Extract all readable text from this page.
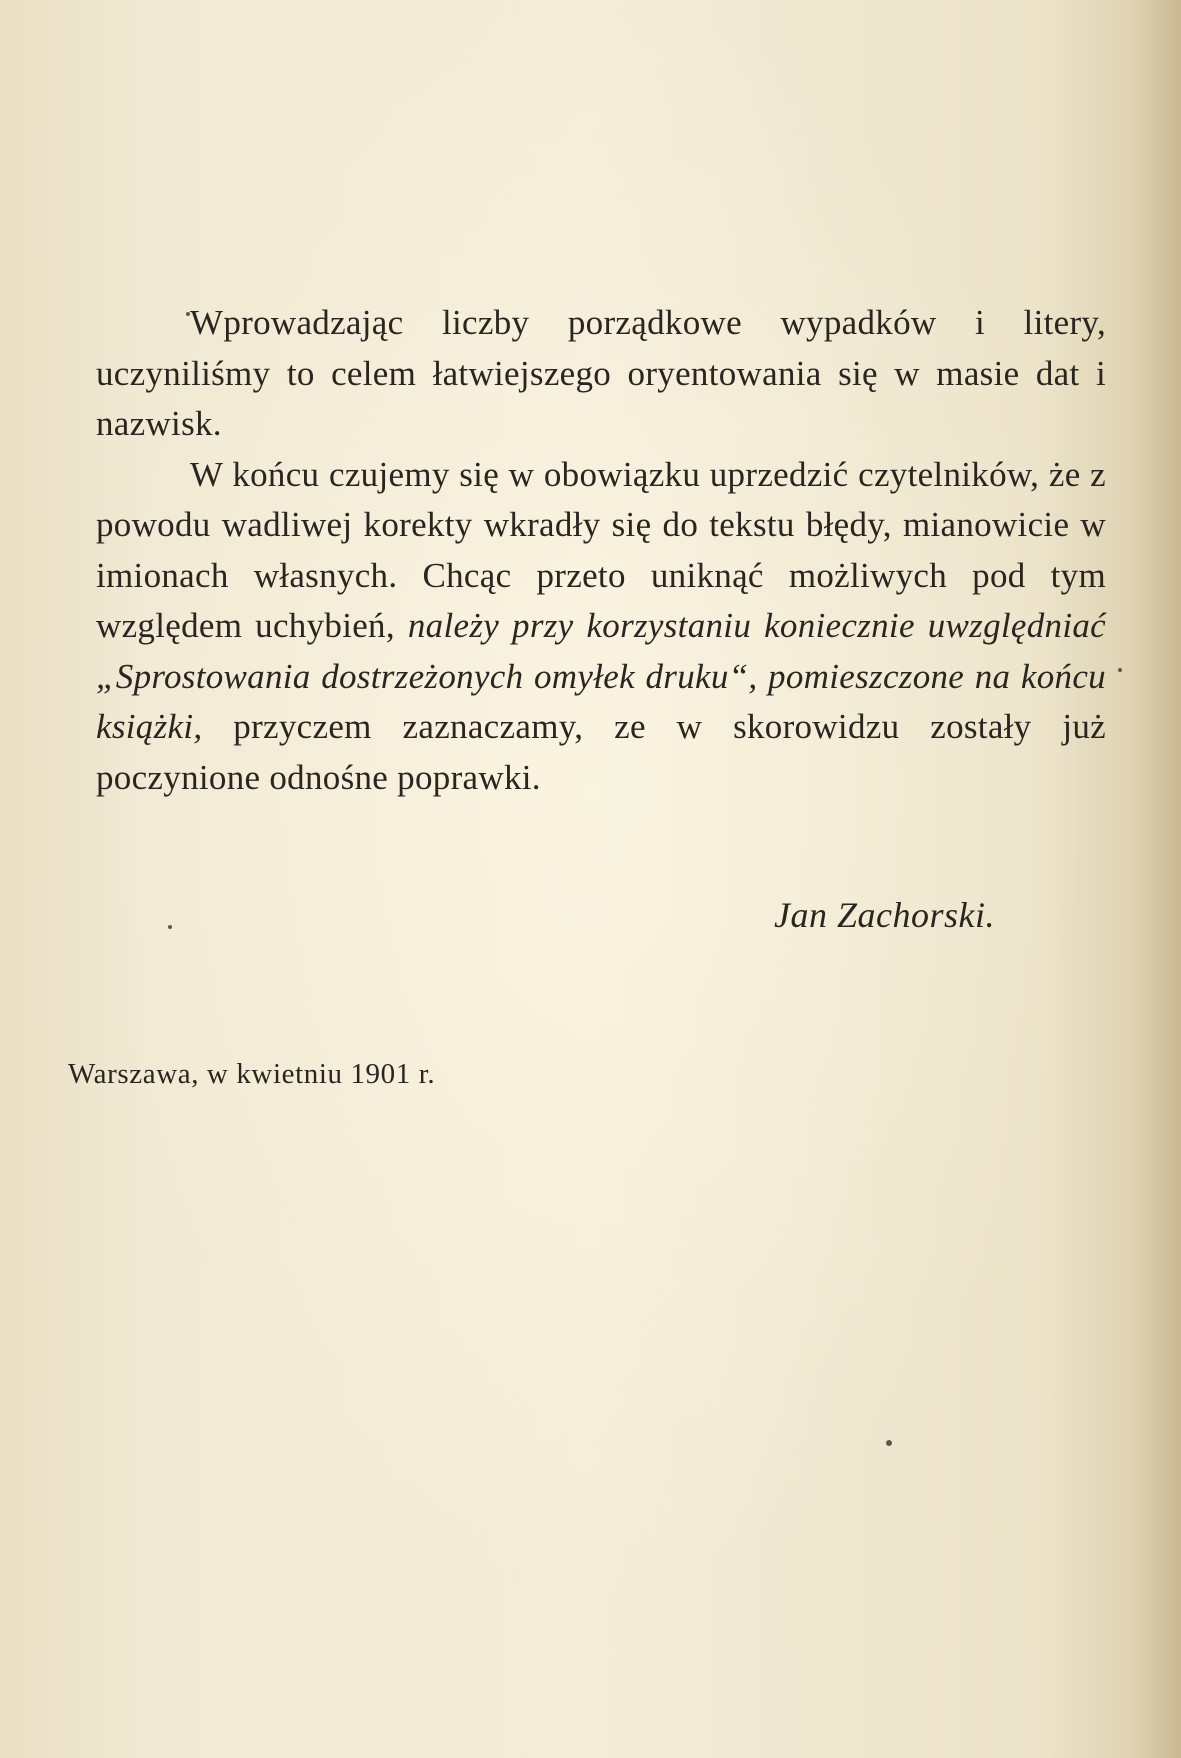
Wprowadzając liczby porządkowe wypadków i litery, uczyniliśmy to celem łatwiejszego oryentowania się w masie dat i nazwisk.

W końcu czujemy się w obowiązku uprzedzić czytelników, że z powodu wadliwej korekty wkradły się do tekstu błędy, mianowicie w imionach własnych. Chcąc przeto uniknąć możliwych pod tym względem uchybień, należy przy korzystaniu koniecznie uwzględniać „Sprostowania dostrzeżonych omyłek druku“, pomieszczone na końcu książki, przyczem zaznaczamy, ze w skorowidzu zostały już poczynione odnośne poprawki.

Jan Zachorski.
Warszawa, w kwietniu 1901 r.
